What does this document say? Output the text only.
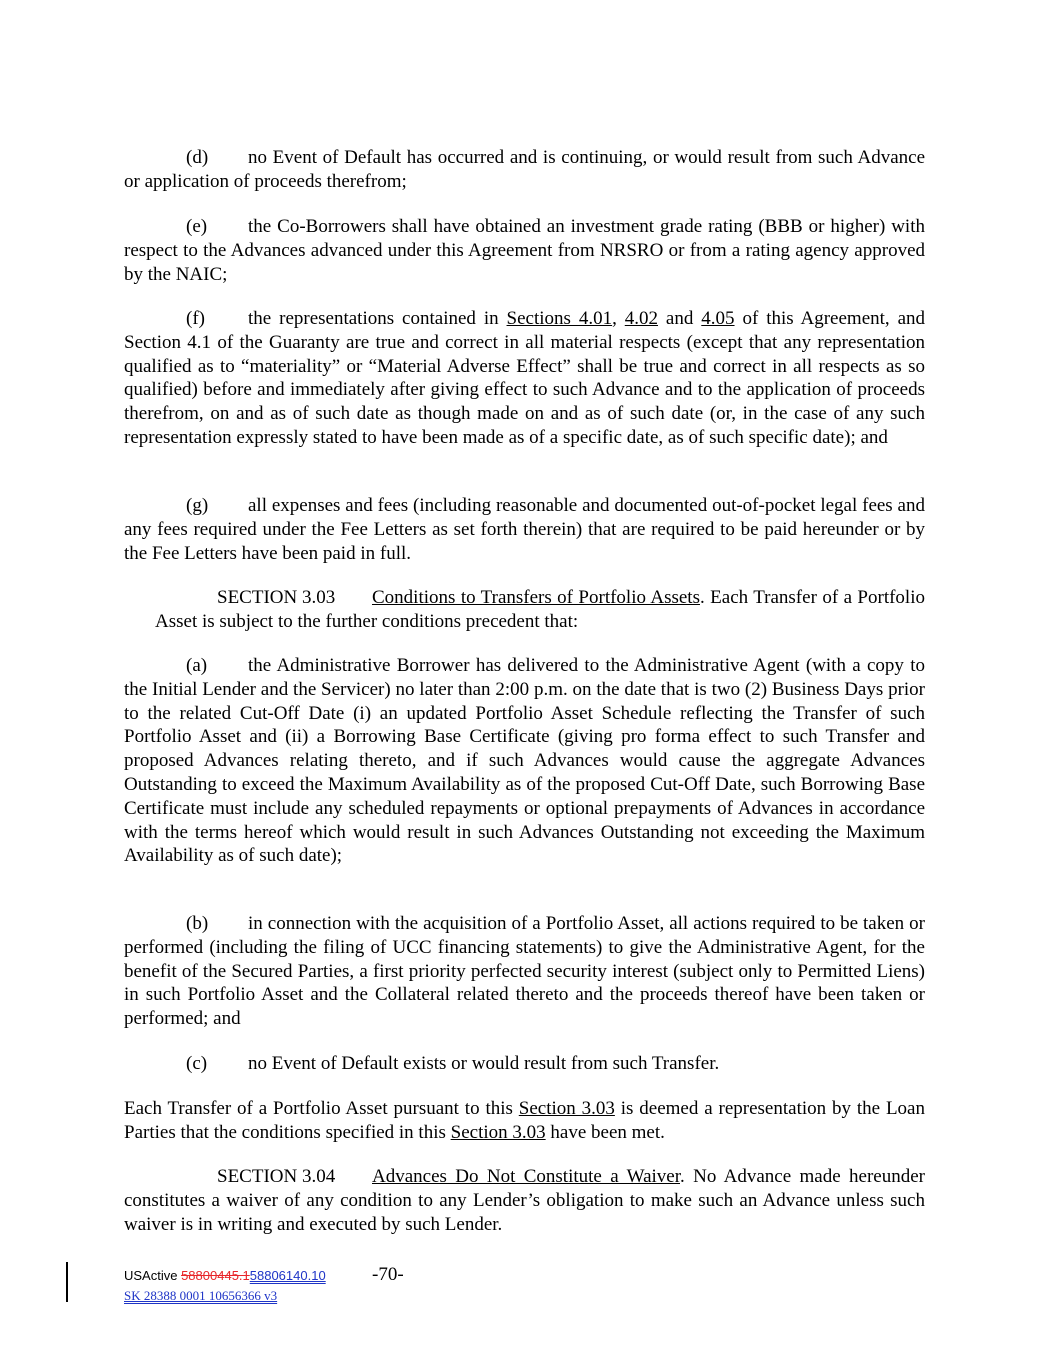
(d) no Event of Default has occurred and is continuing, or would result from such Advance or application of proceeds therefrom;

(e) the Co-Borrowers shall have obtained an investment grade rating (BBB or higher) with respect to the Advances advanced under this Agreement from NRSRO or from a rating agency approved by the NAIC;

(f) the representations contained in Sections 4.01, 4.02 and 4.05 of this Agreement, and Section 4.1 of the Guaranty are true and correct in all material respects (except that any representation qualified as to “materiality” or “Material Adverse Effect” shall be true and correct in all respects as so qualified) before and immediately after giving effect to such Advance and to the application of proceeds therefrom, on and as of such date as though made on and as of such date (or, in the case of any such representation expressly stated to have been made as of a specific date, as of such specific date); and

(g) all expenses and fees (including reasonable and documented out-of-pocket legal fees and any fees required under the Fee Letters as set forth therein) that are required to be paid hereunder or by the Fee Letters have been paid in full.

SECTION 3.03 Conditions to Transfers of Portfolio Assets. Each Transfer of a Portfolio Asset is subject to the further conditions precedent that:

(a) the Administrative Borrower has delivered to the Administrative Agent (with a copy to the Initial Lender and the Servicer) no later than 2:00 p.m. on the date that is two (2) Business Days prior to the related Cut-Off Date (i) an updated Portfolio Asset Schedule reflecting the Transfer of such Portfolio Asset and (ii) a Borrowing Base Certificate (giving pro forma effect to such Transfer and proposed Advances relating thereto, and if such Advances would cause the aggregate Advances Outstanding to exceed the Maximum Availability as of the proposed Cut-Off Date, such Borrowing Base Certificate must include any scheduled repayments or optional prepayments of Advances in accordance with the terms hereof which would result in such Advances Outstanding not exceeding the Maximum Availability as of such date);

(b) in connection with the acquisition of a Portfolio Asset, all actions required to be taken or performed (including the filing of UCC financing statements) to give the Administrative Agent, for the benefit of the Secured Parties, a first priority perfected security interest (subject only to Permitted Liens) in such Portfolio Asset and the Collateral related thereto and the proceeds thereof have been taken or performed; and

(c) no Event of Default exists or would result from such Transfer.

Each Transfer of a Portfolio Asset pursuant to this Section 3.03 is deemed a representation by the Loan Parties that the conditions specified in this Section 3.03 have been met.

SECTION 3.04 Advances Do Not Constitute a Waiver. No Advance made hereunder constitutes a waiver of any condition to any Lender’s obligation to make such an Advance unless such waiver is in writing and executed by such Lender.

USActive 58800445.158806140.10 -70-
SK 28388 0001 10656366 v3
